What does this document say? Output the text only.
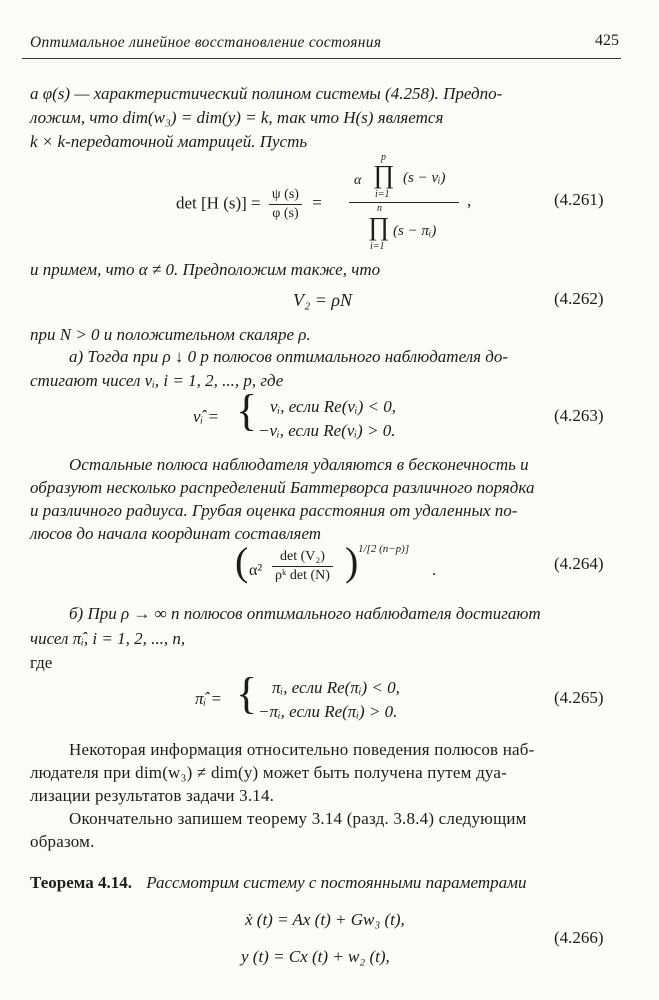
Оптимальное линейное восстановление состояния	425
а φ(s) — характеристический полином системы (4.258). Предпо-
ложим, что dim(w₃) = dim(y) = k, так что H(s) является
k × k-передаточной матрицей. Пусть
det [H $(s)] = \frac{\psi (s)}{\varphi (s)}$ =
α
p
∏
i=1
(s − νᵢ)
n
∏
i=1
(s − πᵢ)
,	(4.261)
и примем, что α ≠ 0. Предположим также, что
V₂ = ρN	(4.262)
при N > 0 и положительном скаляре ρ.
а) Тогда при ρ ↓ 0 p полюсов оптимального наблюдателя до-
стигают чисел νᵢ, i = 1, 2, ..., p, где
ν̂ᵢ = { νᵢ, если Re(νᵢ) < 0,
−νᵢ, если Re(νᵢ) > 0.
(4.263)
Остальные полюса наблюдателя удаляются в бесконечность и
образуют несколько распределений Баттерворса различного порядка
и различного радиуса. Грубая оценка расстояния от удаленных по-
люсов до начала координат составляет
( α²
det (V₂)
ρᵏ det (N) ) 1/[2 (n−p)]
.	(4.264)
б) При ρ → ∞ n полюсов оптимального наблюдателя достигают
чисел π̂ᵢ, i = 1, 2, ..., n,
где
π̂ᵢ = { πᵢ, если Re(πᵢ) < 0,
−πᵢ, если Re(πᵢ) > 0.
(4.265)
Некоторая информация относительно поведения полюсов наб-
людателя при dim(w₃) ≠ dim(y) может быть получена путем дуа-
лизации результатов задачи 3.14.
Окончательно запишем теорему 3.14 (разд. 3.8.4) следующим
образом.
Теорема 4.14. Рассмотрим систему с постоянными параметрами
ẋ (t) = Ax (t) + Gw₃ (t),
y (t) = Cx (t) + w₂ (t),
(4.266)
